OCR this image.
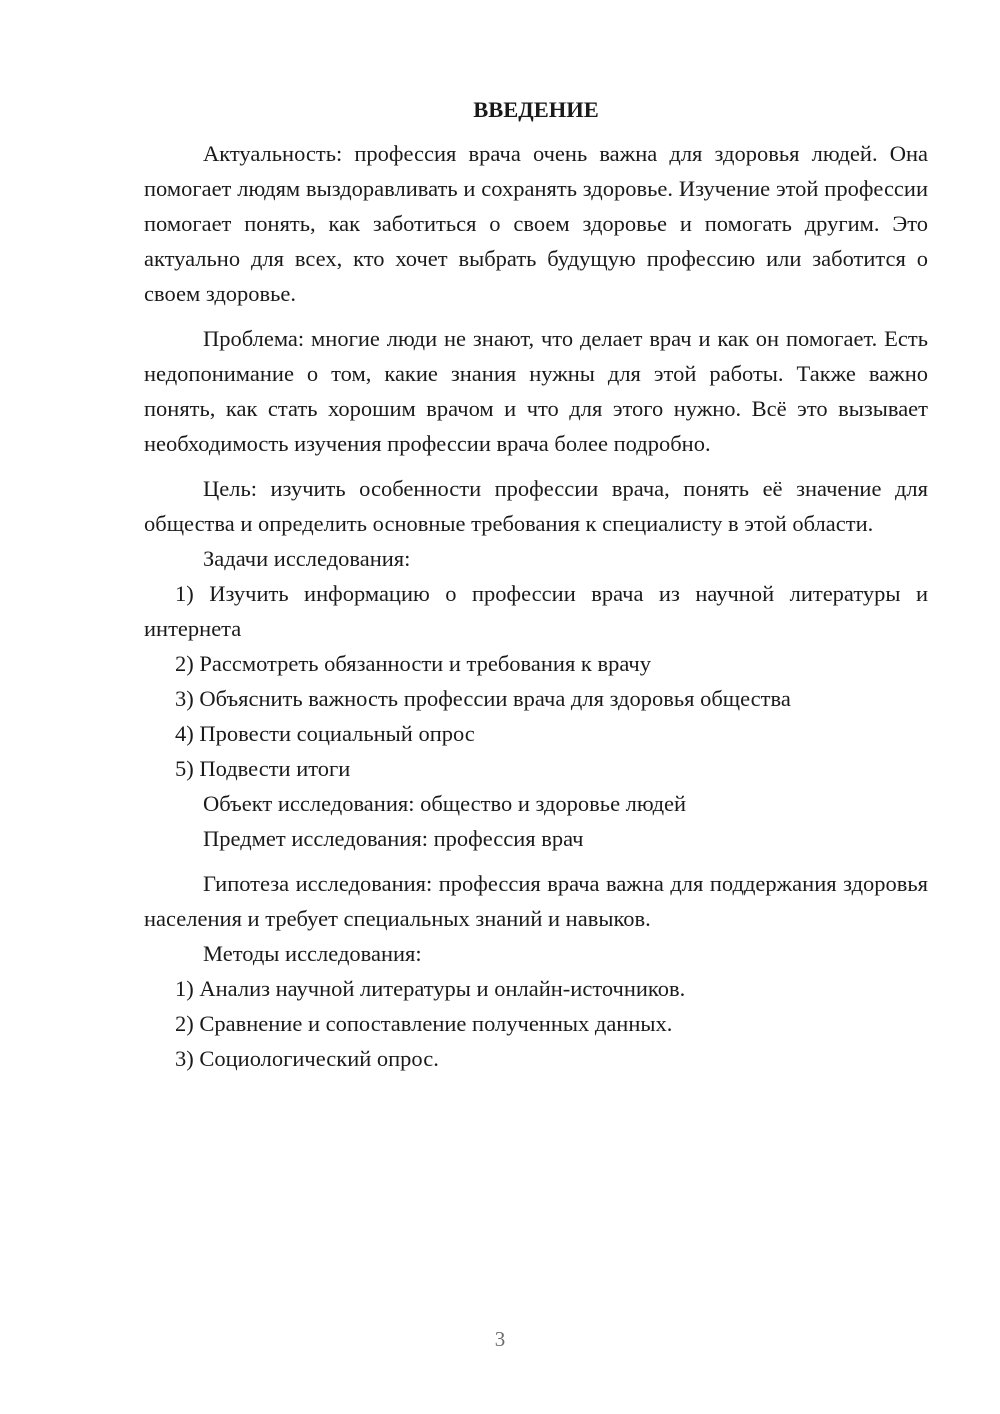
ВВЕДЕНИЕ

Актуальность: профессия врача очень важна для здоровья людей. Она помогает людям выздоравливать и сохранять здоровье. Изучение этой профессии помогает понять, как заботиться о своем здоровье и помогать другим. Это актуально для всех, кто хочет выбрать будущую профессию или заботится о своем здоровье.

Проблема: многие люди не знают, что делает врач и как он помогает. Есть недопонимание о том, какие знания нужны для этой работы. Также важно понять, как стать хорошим врачом и что для этого нужно. Всё это вызывает необходимость изучения профессии врача более подробно.

Цель: изучить особенности профессии врача, понять её значение для общества и определить основные требования к специалисту в этой области.

Задачи исследования:

1) Изучить информацию о профессии врача из научной литературы и интернета

2) Рассмотреть обязанности и требования к врачу

3) Объяснить важность профессии врача для здоровья общества

4) Провести социальный опрос

5) Подвести итоги

Объект исследования: общество и здоровье людей

Предмет исследования: профессия врач

Гипотеза исследования: профессия врача важна для поддержания здоровья населения и требует специальных знаний и навыков.

Методы исследования:

1) Анализ научной литературы и онлайн-источников.

2) Сравнение и сопоставление полученных данных.

3) Социологический опрос.

3
